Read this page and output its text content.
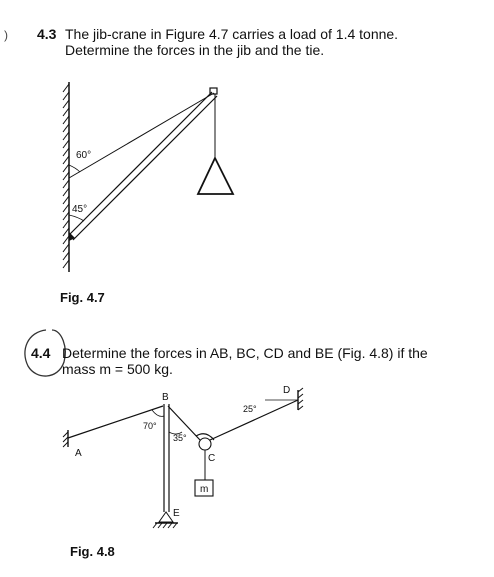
) 4.3 The jib-crane in Figure 4.7 carries a load of 1.4 tonne.
Determine the forces in the jib and the tie.
60°
45°
Fig. 4.7
4.4 Determine the forces in AB, BC, CD and BE (Fig. 4.8) if the
mass m = 500 kg.
A
B
C
D
E
m
70°
35°
25°
Fig. 4.8
